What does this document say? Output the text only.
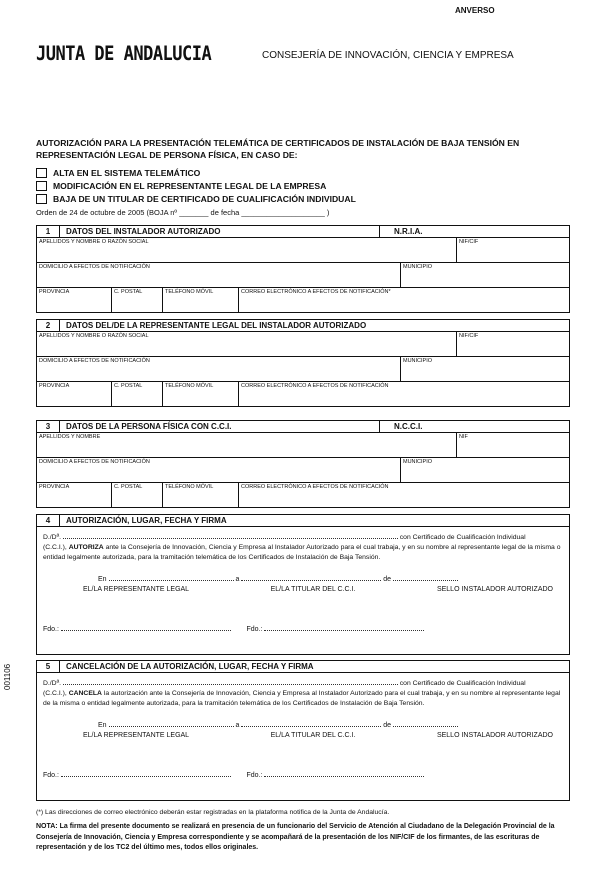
ANVERSO
JUNTA DE ANDALUCIA	CONSEJERÍA DE INNOVACIÓN, CIENCIA Y EMPRESA
AUTORIZACIÓN PARA LA PRESENTACIÓN TELEMÁTICA DE CERTIFICADOS DE INSTALACIÓN DE BAJA TENSIÓN EN REPRESENTACIÓN LEGAL DE PERSONA FÍSICA, EN CASO DE:
ALTA EN EL SISTEMA TELEMÁTICO
MODIFICACIÓN EN EL REPRESENTANTE LEGAL DE LA EMPRESA
BAJA DE UN TITULAR DE CERTIFICADO DE CUALIFICACIÓN INDIVIDUAL
Orden de 24 de octubre de 2005 (BOJA nº _______ de fecha ____________________ )
1	DATOS DEL INSTALADOR AUTORIZADO	N.R.I.A.
APELLIDOS Y NOMBRE O RAZÓN SOCIAL	NIF/CIF
DOMICILIO A EFECTOS DE NOTIFICACIÓN	MUNICIPIO
PROVINCIA	C. POSTAL	TELÉFONO MÓVIL	CORREO ELECTRÓNICO A EFECTOS DE NOTIFICACIÓN*
2	DATOS DEL/DE LA REPRESENTANTE LEGAL DEL INSTALADOR AUTORIZADO
APELLIDOS Y NOMBRE O RAZÓN SOCIAL	NIF/CIF
DOMICILIO A EFECTOS DE NOTIFICACIÓN	MUNICIPIO
PROVINCIA	C. POSTAL	TELÉFONO MÓVIL	CORREO ELECTRÓNICO A EFECTOS DE NOTIFICACIÓN
3	DATOS DE LA PERSONA FÍSICA CON C.C.I.	N.C.C.I.
APELLIDOS Y NOMBRE	NIF
DOMICILIO A EFECTOS DE NOTIFICACIÓN	MUNICIPIO
PROVINCIA	C. POSTAL	TELÉFONO MÓVIL	CORREO ELECTRÓNICO A EFECTOS DE NOTIFICACIÓN
4	AUTORIZACIÓN, LUGAR, FECHA Y FIRMA
D./Dª.	con Certificado de Cualificación Individual
(C.C.I.), AUTORIZA ante la Consejería de Innovación, Ciencia y Empresa al Instalador Autorizado para el cual trabaja, y en su nombre al representante legal de la misma o entidad legalmente autorizada, para la tramitación telemática de los Certificados de Instalación de Baja Tensión.
En	a	de
EL/LA REPRESENTANTE LEGAL	EL/LA TITULAR DEL C.C.I.	SELLO INSTALADOR AUTORIZADO
Fdo.:	Fdo.:
5	CANCELACIÓN DE LA AUTORIZACIÓN, LUGAR, FECHA Y FIRMA
D./Dª.	con Certificado de Cualificación Individual
(C.C.I.), CANCELA la autorización ante la Consejería de Innovación, Ciencia y Empresa al Instalador Autorizado para el cual trabaja, y en su nombre al representante legal de la misma o entidad legalmente autorizada, para la tramitación telemática de los Certificados de Instalación de Baja Tensión.
En	a	de
EL/LA REPRESENTANTE LEGAL	EL/LA TITULAR DEL C.C.I.	SELLO INSTALADOR AUTORIZADO
Fdo.:	Fdo.:
(*) Las direcciones de correo electrónico deberán estar registradas en la plataforma notifica de la Junta de Andalucía.
NOTA: La firma del presente documento se realizará en presencia de un funcionario del Servicio de Atención al Ciudadano de la Delegación Provincial de la Consejería de Innovación, Ciencia y Empresa correspondiente y se acompañará de la presentación de los NIF/CIF de los firmantes, de las escrituras de representación y de los TC2 del último mes, todos ellos originales.
001106
